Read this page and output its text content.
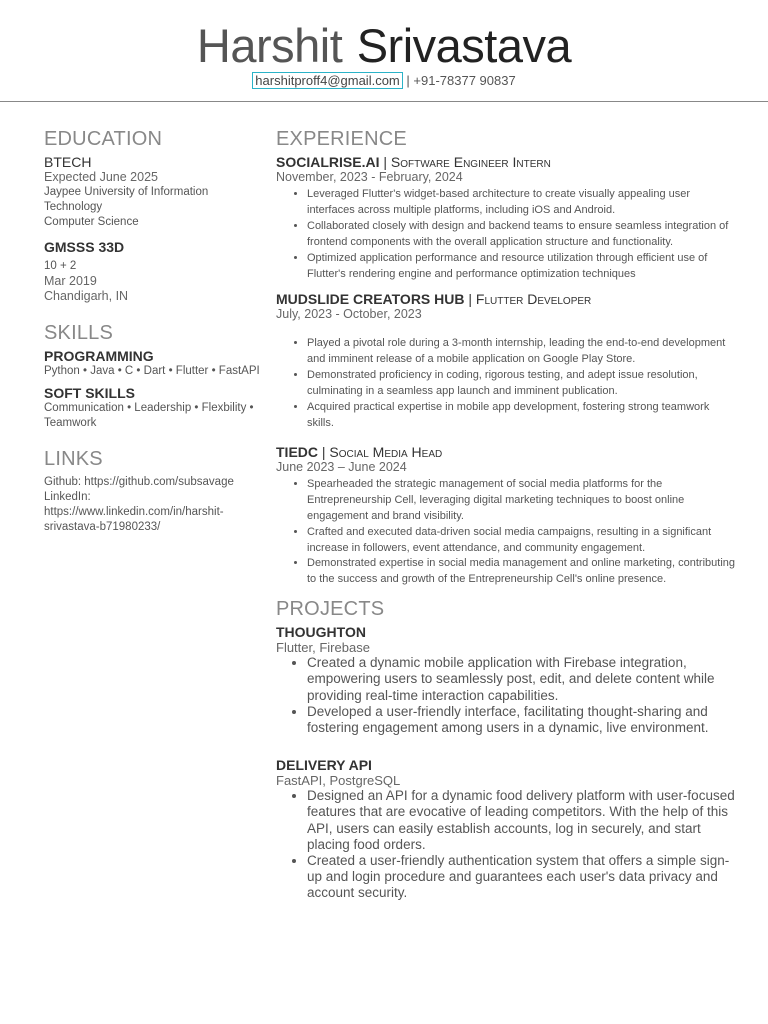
Harshit Srivastava
harshitproff4@gmail.com | +91-78377 90837
EDUCATION
BTECH
Expected June 2025
Jaypee University of Information Technology
Computer Science
GMSSS 33D
10 + 2
Mar 2019
Chandigarh, IN
SKILLS
PROGRAMMING
Python • Java • C • Dart • Flutter • FastAPI
SOFT SKILLS
Communication • Leadership • Flexbility • Teamwork
LINKS
Github: https://github.com/subsavage
LinkedIn:
https://www.linkedin.com/in/harshit-srivastava-b71980233/
EXPERIENCE
SOCIALRISE.AI | Software Engineer Intern
November, 2023 - February, 2024
• Leveraged Flutter's widget-based architecture to create visually appealing user interfaces across multiple platforms, including iOS and Android.
• Collaborated closely with design and backend teams to ensure seamless integration of frontend components with the overall application structure and functionality.
• Optimized application performance and resource utilization through efficient use of Flutter's rendering engine and performance optimization techniques
MUDSLIDE CREATORS HUB | Flutter Developer
July, 2023 - October, 2023
• Played a pivotal role during a 3-month internship, leading the end-to-end development and imminent release of a mobile application on Google Play Store.
• Demonstrated proficiency in coding, rigorous testing, and adept issue resolution, culminating in a seamless app launch and imminent publication.
• Acquired practical expertise in mobile app development, fostering strong teamwork skills.
TIEDC | Social Media Head
June 2023 – June 2024
• Spearheaded the strategic management of social media platforms for the Entrepreneurship Cell, leveraging digital marketing techniques to boost online engagement and brand visibility.
• Crafted and executed data-driven social media campaigns, resulting in a significant increase in followers, event attendance, and community engagement.
• Demonstrated expertise in social media management and online marketing, contributing to the success and growth of the Entrepreneurship Cell's online presence.
PROJECTS
THOUGHTON
Flutter, Firebase
• Created a dynamic mobile application with Firebase integration, empowering users to seamlessly post, edit, and delete content while providing real-time interaction capabilities.
• Developed a user-friendly interface, facilitating thought-sharing and fostering engagement among users in a dynamic, live environment.
DELIVERY API
FastAPI, PostgreSQL
• Designed an API for a dynamic food delivery platform with user-focused features that are evocative of leading competitors. With the help of this API, users can easily establish accounts, log in securely, and start placing food orders.
• Created a user-friendly authentication system that offers a simple sign-up and login procedure and guarantees each user's data privacy and account security.
